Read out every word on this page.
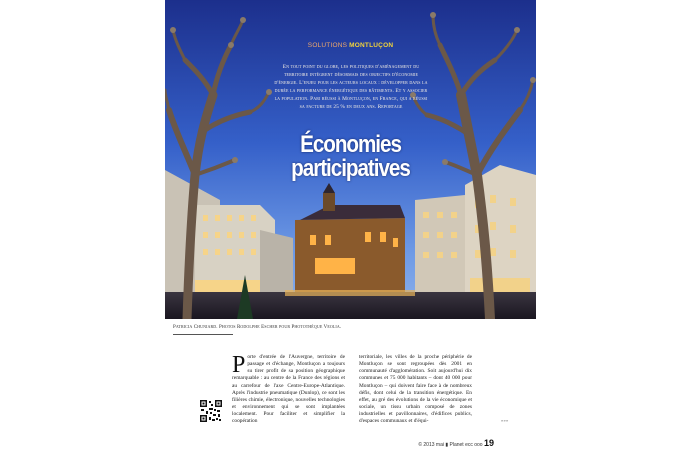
SOLUTIONS MONTLUÇON
En tout point du globe, les politiques d'aménagement du territoire intègrent désormais des objectifs d'économie d'énergie. L'enjeu pour les acteurs locaux : développer dans la durée la performance énergétique des bâtiments. Et y associer la population. Pari réussi à Montluçon, en France, qui a réussi sa facture de 25 % en deux ans. Reportage
Économies
participatives
Patricia Chuniard. Photos Rodolphe Escher pour Photothèque Veolia.
Porte d'entrée de l'Auvergne, territoire de passage et d'échange, Montluçon a toujours su tirer profit de sa position géographique remarquable : au centre de la France des régions et au carrefour de l'axe Centre-Europe-Atlantique. Après l'industrie pneumatique (Dunlop), ce sont les filières chimie, électronique, nouvelles technologies et environnement qui se sont implantées localement. Pour faciliter et simplifier la coopération
territoriale, les villes de la proche périphérie de Montluçon se sont regroupées dès 2001 en communauté d'agglomération. Soit aujourd'hui dix communes et 75 000 habitants – dont 40 000 pour Montluçon – qui doivent faire face à de nombreux défis, dont celui de la transition énergétique. En effet, au gré des évolutions de la vie économique et sociale, un tissu urbain composé de zones industrielles et pavillonnaires, d'édifices publics, d'espaces communaux et d'équi-	»»»
© 2013 mai ▮ Planet ecc ooo 19
